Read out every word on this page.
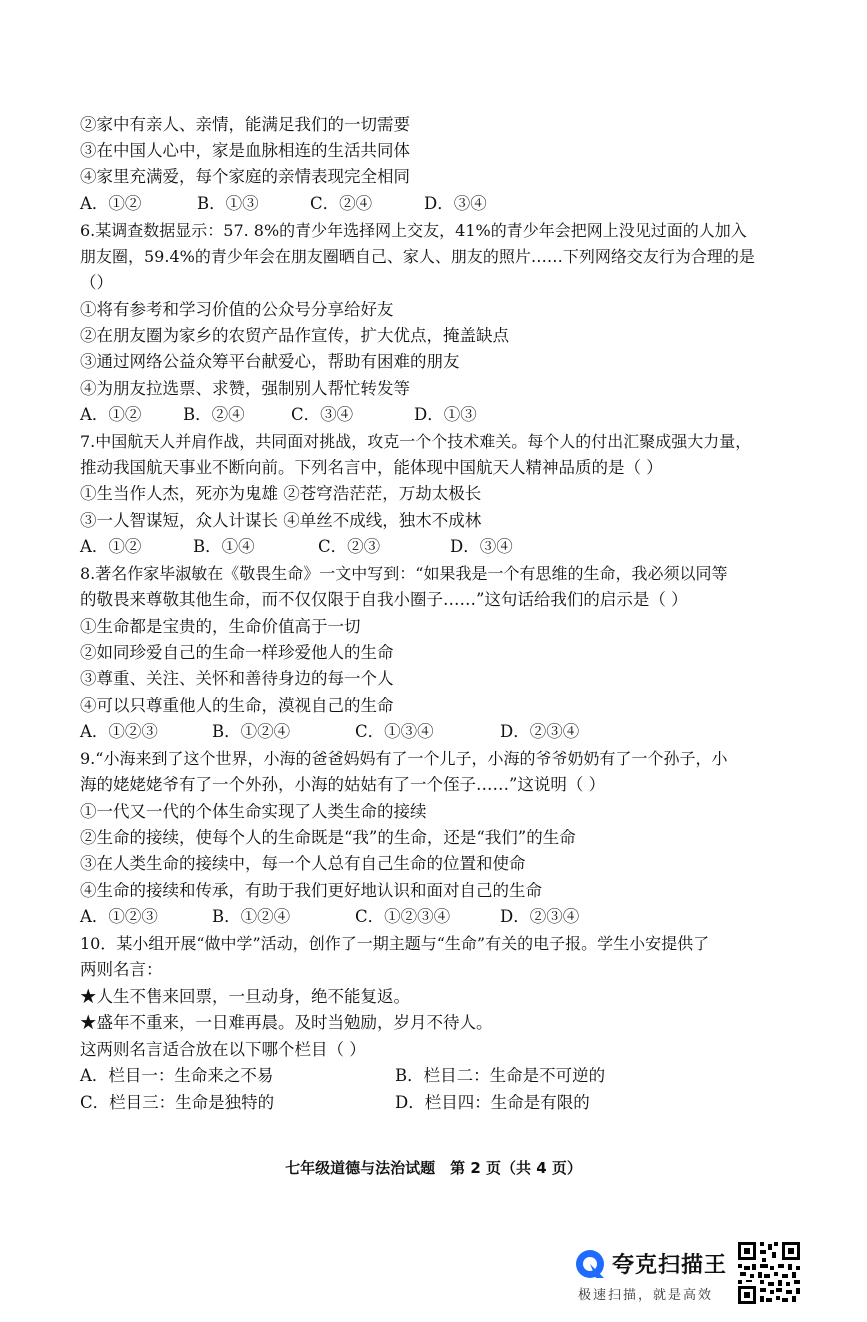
②家中有亲人、亲情，能满足我们的一切需要
③在中国人心中，家是血脉相连的生活共同体
④家里充满爱，每个家庭的亲情表现完全相同
A．①②	B．①③	C．②④	D．③④
6.某调查数据显示：57. 8%的青少年选择网上交友，41%的青少年会把网上没见过面的人加入
朋友圈，59.4%的青少年会在朋友圈晒自己、家人、朋友的照片……下列网络交友行为合理的是
（）
①将有参考和学习价值的公众号分享给好友
②在朋友圈为家乡的农贸产品作宣传，扩大优点，掩盖缺点
③通过网络公益众筹平台献爱心，帮助有困难的朋友
④为朋友拉选票、求赞，强制别人帮忙转发等
A．①②	B．②④	C．③④	D．①③
7.中国航天人并肩作战，共同面对挑战，攻克一个个技术难关。每个人的付出汇聚成强大力量，
推动我国航天事业不断向前。下列名言中，能体现中国航天人精神品质的是（ ）
①生当作人杰，死亦为鬼雄 ②苍穹浩茫茫，万劫太极长
③一人智谋短，众人计谋长 ④单丝不成线，独木不成林
A．①②	B．①④	C．②③	D．③④
8.著名作家毕淑敏在《敬畏生命》一文中写到：“如果我是一个有思维的生命，我必须以同等
的敬畏来尊敬其他生命，而不仅仅限于自我小圈子……”这句话给我们的启示是（ ）
①生命都是宝贵的，生命价值高于一切
②如同珍爱自己的生命一样珍爱他人的生命
③尊重、关注、关怀和善待身边的每一个人
④可以只尊重他人的生命，漠视自己的生命
A．①②③	B．①②④	C．①③④	D．②③④
9.“小海来到了这个世界，小海的爸爸妈妈有了一个儿子，小海的爷爷奶奶有了一个孙子，小
海的姥姥姥爷有了一个外孙，小海的姑姑有了一个侄子……”这说明（ ）
①一代又一代的个体生命实现了人类生命的接续
②生命的接续，使每个人的生命既是“我”的生命，还是“我们”的生命
③在人类生命的接续中，每一个人总有自己生命的位置和使命
④生命的接续和传承，有助于我们更好地认识和面对自己的生命
A．①②③	B．①②④	C．①②③④	D．②③④
10．某小组开展“做中学”活动，创作了一期主题与“生命”有关的电子报。学生小安提供了
两则名言：
★人生不售来回票，一旦动身，绝不能复返。
★盛年不重来，一日难再晨。及时当勉励，岁月不待人。
这两则名言适合放在以下哪个栏目（ ）
A．栏目一：生命来之不易	B．栏目二：生命是不可逆的
C．栏目三：生命是独特的	D．栏目四：生命是有限的
七年级道德与法治试题　第 2 页（共 4 页）
夸克扫描王
极速扫描，就是高效
